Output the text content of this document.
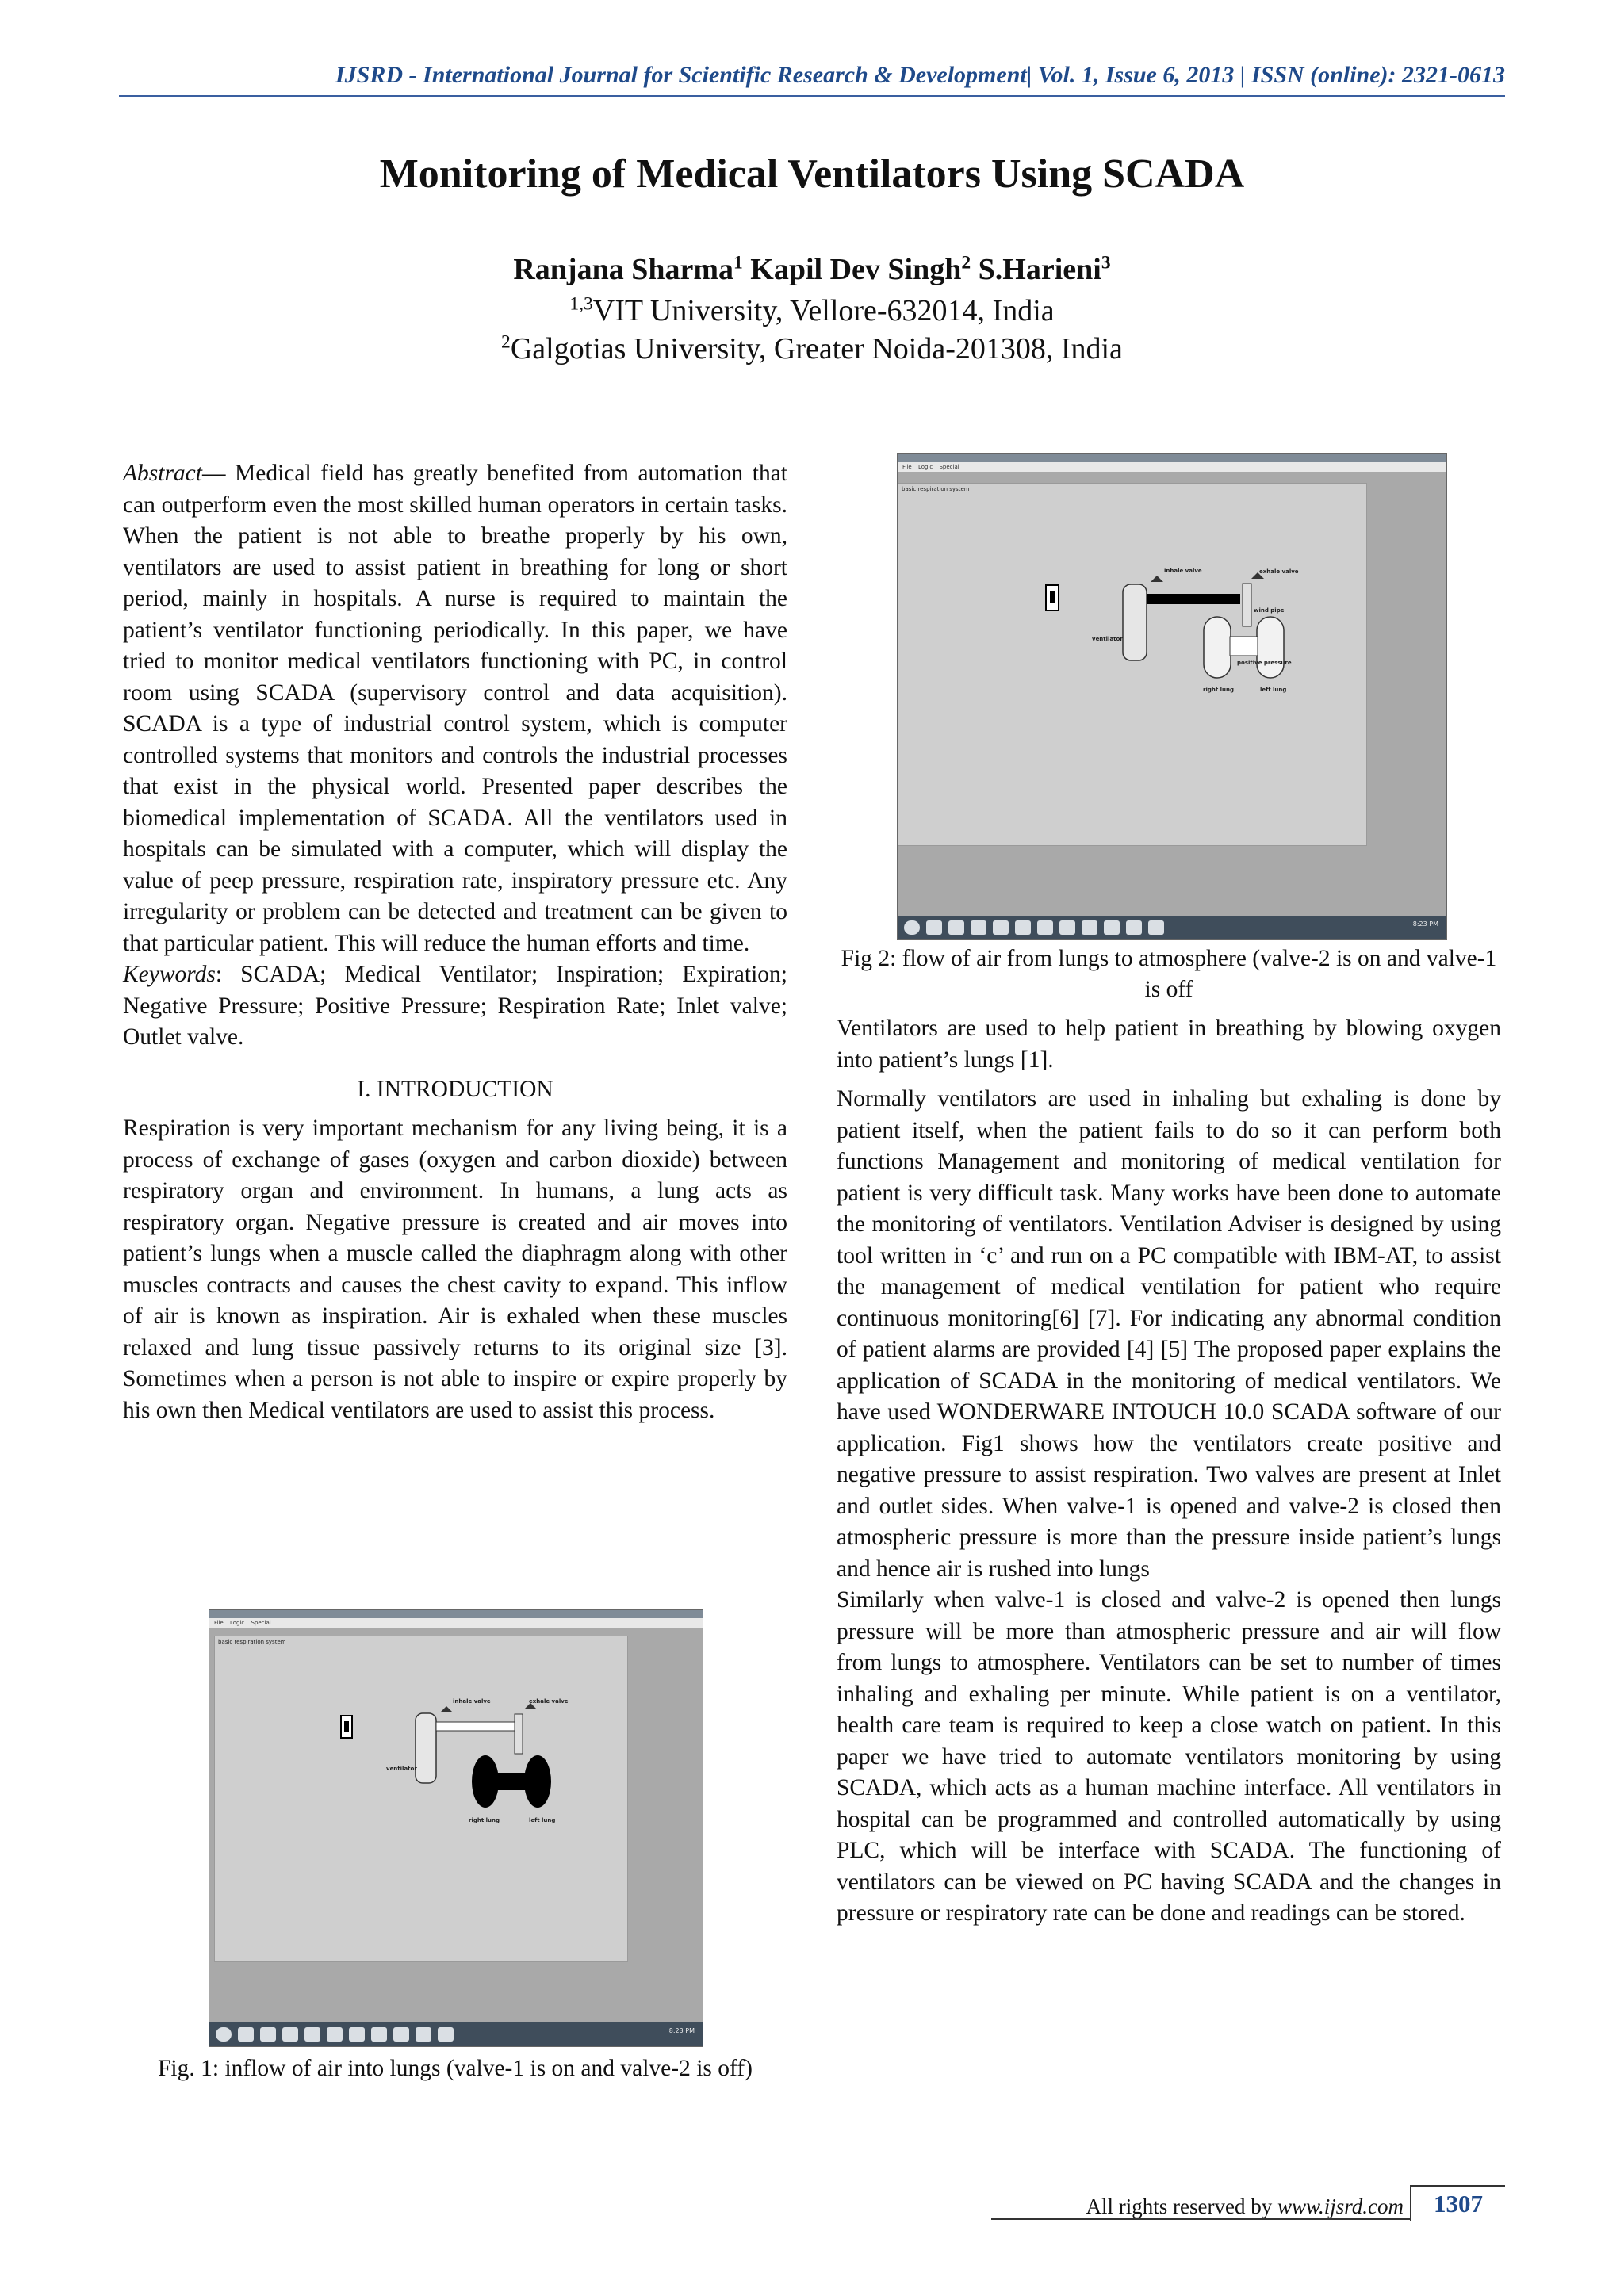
IJSRD - International Journal for Scientific Research & Development| Vol. 1, Issue 6, 2013 | ISSN (online): 2321-0613
Monitoring of Medical Ventilators Using SCADA
Ranjana Sharma$^1$ Kapil Dev Singh$^2$ S.Harieni$^3$
$^{1,3}$VIT University, Vellore-632014, India
$^2$Galgotias University, Greater Noida-201308, India

Abstract— Medical field has greatly benefited from automation that can outperform even the most skilled human operators in certain tasks. When the patient is not able to breathe properly by his own, ventilators are used to assist patient in breathing for long or short period, mainly in hospitals. A nurse is required to maintain the patient’s ventilator functioning periodically. In this paper, we have tried to monitor medical ventilators functioning with PC, in control room using SCADA (supervisory control and data acquisition). SCADA is a type of industrial control system, which is computer controlled systems that monitors and controls the industrial processes that exist in the physical world. Presented paper describes the biomedical implementation of SCADA. All the ventilators used in hospitals can be simulated with a computer, which will display the value of peep pressure, respiration rate, inspiratory pressure etc. Any irregularity or problem can be detected and treatment can be given to that particular patient. This will reduce the human efforts and time.

Keywords: SCADA; Medical Ventilator; Inspiration; Expiration; Negative Pressure; Positive Pressure; Respiration Rate; Inlet valve; Outlet valve.

I. INTRODUCTION

Respiration is very important mechanism for any living being, it is a process of exchange of gases (oxygen and carbon dioxide) between respiratory organ and environment. In humans, a lung acts as respiratory organ. Negative pressure is created and air moves into patient’s lungs when a muscle called the diaphragm along with other muscles contracts and causes the chest cavity to expand. This inflow of air is known as inspiration. Air is exhaled when these muscles relaxed and lung tissue passively returns to its original size [3]. Sometimes when a person is not able to inspire or expire properly by his own then Medical ventilators are used to assist this process.

File Logic Special
basic respiration system
inhale valve	exhale valve
ventilator
wind pipe
positive pressure
right lung	left lung
8:23 PM
Fig 2: flow of air from lungs to atmosphere (valve-2 is on and valve-1 is off

Ventilators are used to help patient in breathing by blowing oxygen into patient’s lungs [1].

Normally ventilators are used in inhaling but exhaling is done by patient itself, when the patient fails to do so it can perform both functions Management and monitoring of medical ventilation for patient is very difficult task. Many works have been done to automate the monitoring of ventilators. Ventilation Adviser is designed by using tool written in ‘c’ and run on a PC compatible with IBM-AT, to assist the management of medical ventilation for patient who require continuous monitoring[6] [7]. For indicating any abnormal condition of patient alarms are provided [4] [5] The proposed paper explains the application of SCADA in the monitoring of medical ventilators. We have used WONDERWARE INTOUCH 10.0 SCADA software of our application. Fig1 shows how the ventilators create positive and negative pressure to assist respiration. Two valves are present at Inlet and outlet sides. When valve-1 is opened and valve-2 is closed then atmospheric pressure is more than the pressure inside patient’s lungs and hence air is rushed into lungs

Similarly when valve-1 is closed and valve-2 is opened then lungs pressure will be more than atmospheric pressure and air will flow from lungs to atmosphere. Ventilators can be set to number of times inhaling and exhaling per minute. While patient is on a ventilator, health care team is required to keep a close watch on patient. In this paper we have tried to automate ventilators monitoring by using SCADA, which acts as a human machine interface. All ventilators in hospital can be programmed and controlled automatically by using PLC, which will be interface with SCADA. The functioning of ventilators can be viewed on PC having SCADA and the changes in pressure or respiratory rate can be done and readings can be stored.

File Logic Special
basic respiration system
inhale valve	exhale valve
ventilator
right lung	left lung
8:23 PM
Fig. 1: inflow of air into lungs (valve-1 is on and valve-2 is off)
All rights reserved by www.ijsrd.com	1307
